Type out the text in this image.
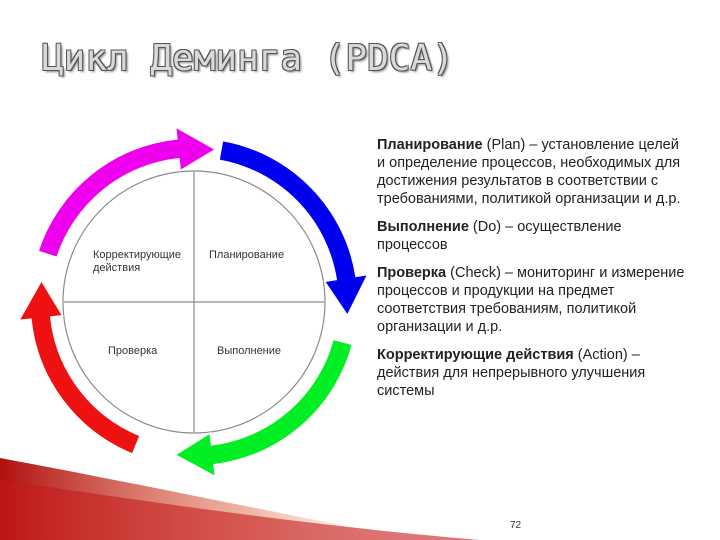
Цикл Деминга (PDCA)
Корректирующие действия
Планирование
Проверка	Выполнение

Планирование (Plan) – установление целей и определение процессов, необходимых для достижения результатов в соответствии с требованиями, политикой организации и д.р.

Выполнение (Do) – осуществление процессов

Проверка (Check) – мониторинг и измерение процессов и продукции на предмет соответствия требованиям, политикой организации и д.р.

Корректирующие действия (Action) – действия для непрерывного улучшения системы

72
